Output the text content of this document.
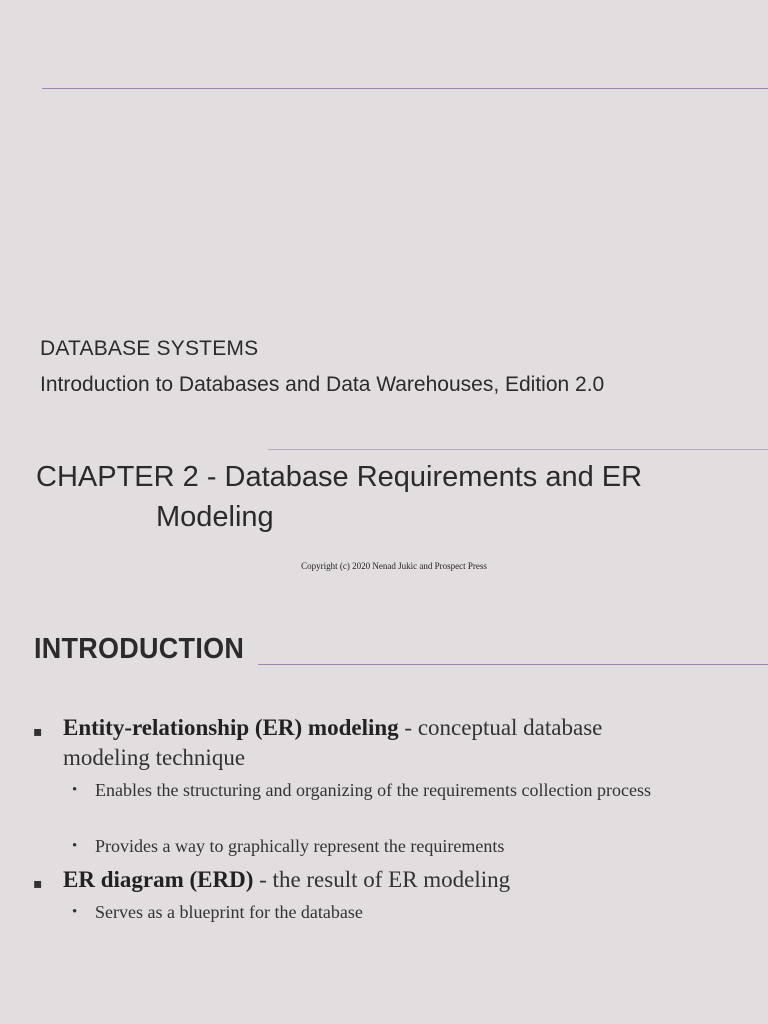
DATABASE SYSTEMS
Introduction to Databases and Data Warehouses, Edition 2.0
CHAPTER 2 - Database Requirements and ER
Modeling
Copyright (c) 2020 Nenad Jukic and Prospect Press
INTRODUCTION
▪ Entity-relationship (ER) modeling - conceptual database modeling technique
• Enables the structuring and organizing of the requirements collection process
• Provides a way to graphically represent the requirements
▪ ER diagram (ERD) - the result of ER modeling
• Serves as a blueprint for the database
